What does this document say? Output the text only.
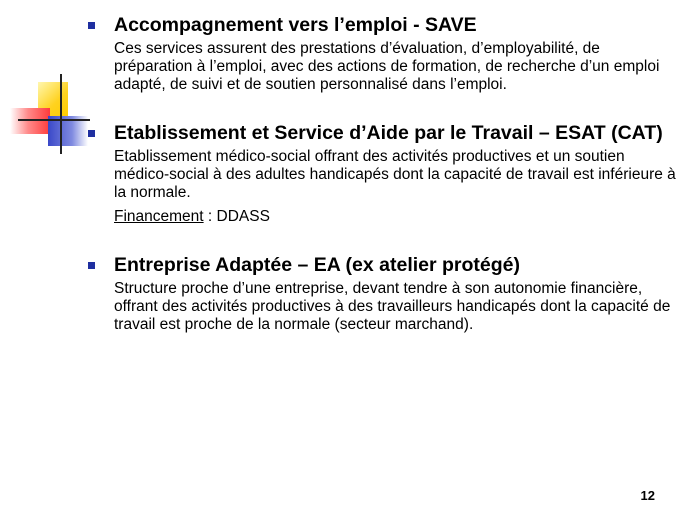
Accompagnement vers l’emploi - SAVE

Ces services assurent des prestations d’évaluation, d’employabilité, de préparation à l’emploi, avec des actions de formation, de recherche d’un emploi adapté, de suivi et de soutien personnalisé dans l’emploi.

Etablissement et Service d’Aide par le Travail – ESAT (CAT)

Etablissement médico-social offrant des activités productives et un soutien médico-social à des adultes handicapés dont la capacité de travail est inférieure à la normale.

Financement : DDASS

Entreprise Adaptée – EA (ex atelier protégé)

Structure proche d’une entreprise, devant tendre à son autonomie financière, offrant des activités productives à des travailleurs handicapés dont la capacité de travail est proche de la normale (secteur marchand).

12
